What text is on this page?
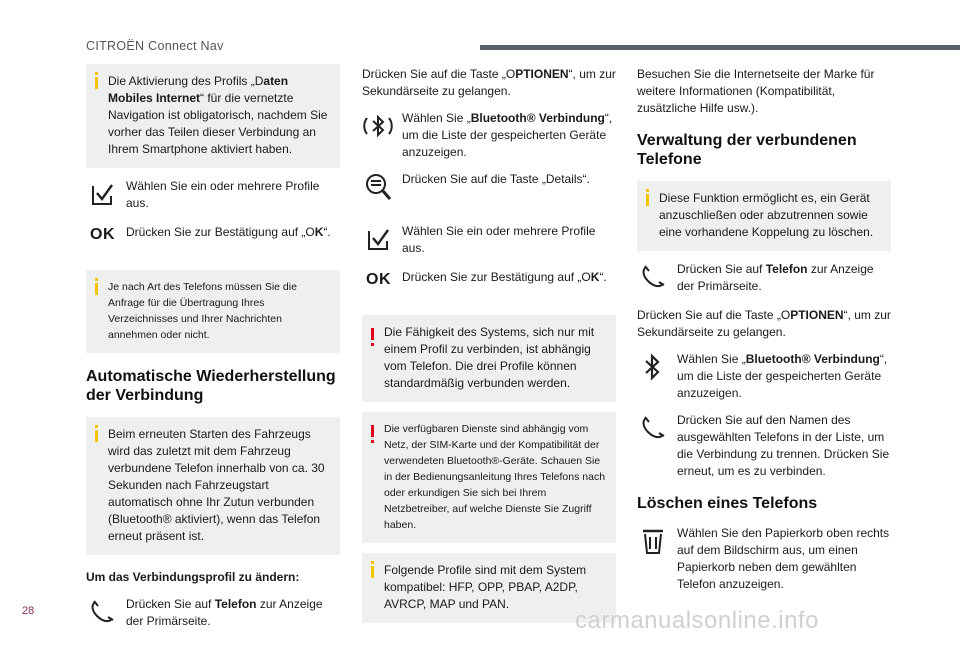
CITROËN Connect Nav
Die Aktivierung des Profils „Daten Mobiles Internet“ für die vernetzte Navigation ist obligatorisch, nachdem Sie vorher das Teilen dieser Verbindung an Ihrem Smartphone aktiviert haben.
Wählen Sie ein oder mehrere Profile aus.
OK Drücken Sie zur Bestätigung auf „OK“.
Je nach Art des Telefons müssen Sie die Anfrage für die Übertragung Ihres Verzeichnisses und Ihrer Nachrichten annehmen oder nicht.
Automatische Wiederherstellung der Verbindung
Beim erneuten Starten des Fahrzeugs wird das zuletzt mit dem Fahrzeug verbundene Telefon innerhalb von ca. 30 Sekunden nach Fahrzeugstart automatisch ohne Ihr Zutun verbunden (Bluetooth® aktiviert), wenn das Telefon erneut präsent ist.
Um das Verbindungsprofil zu ändern:
Drücken Sie auf Telefon zur Anzeige der Primärseite.
Drücken Sie auf die Taste „OPTIONEN“, um zur Sekundärseite zu gelangen.
Wählen Sie „Bluetooth® Verbindung“, um die Liste der gespeicherten Geräte anzuzeigen.
Drücken Sie auf die Taste „Details“.
Wählen Sie ein oder mehrere Profile aus.
OK Drücken Sie zur Bestätigung auf „OK“.
Die Fähigkeit des Systems, sich nur mit einem Profil zu verbinden, ist abhängig vom Telefon. Die drei Profile können standardmäßig verbunden werden.
Die verfügbaren Dienste sind abhängig vom Netz, der SIM-Karte und der Kompatibilität der verwendeten Bluetooth®-Geräte. Schauen Sie in der Bedienungsanleitung Ihres Telefons nach oder erkundigen Sie sich bei Ihrem Netzbetreiber, auf welche Dienste Sie Zugriff haben.
Folgende Profile sind mit dem System kompatibel: HFP, OPP, PBAP, A2DP, AVRCP, MAP und PAN.
Besuchen Sie die Internetseite der Marke für weitere Informationen (Kompatibilität, zusätzliche Hilfe usw.).
Verwaltung der verbundenen Telefone
Diese Funktion ermöglicht es, ein Gerät anzuschließen oder abzutrennen sowie eine vorhandene Koppelung zu löschen.
Drücken Sie auf Telefon zur Anzeige der Primärseite.
Drücken Sie auf die Taste „OPTIONEN“, um zur Sekundärseite zu gelangen.
Wählen Sie „Bluetooth® Verbindung“, um die Liste der gespeicherten Geräte anzuzeigen.
Drücken Sie auf den Namen des ausgewählten Telefons in der Liste, um die Verbindung zu trennen. Drücken Sie erneut, um es zu verbinden.
Löschen eines Telefons
Wählen Sie den Papierkorb oben rechts auf dem Bildschirm aus, um einen Papierkorb neben dem gewählten Telefon anzuzeigen.
28	carmanualsonline.info
